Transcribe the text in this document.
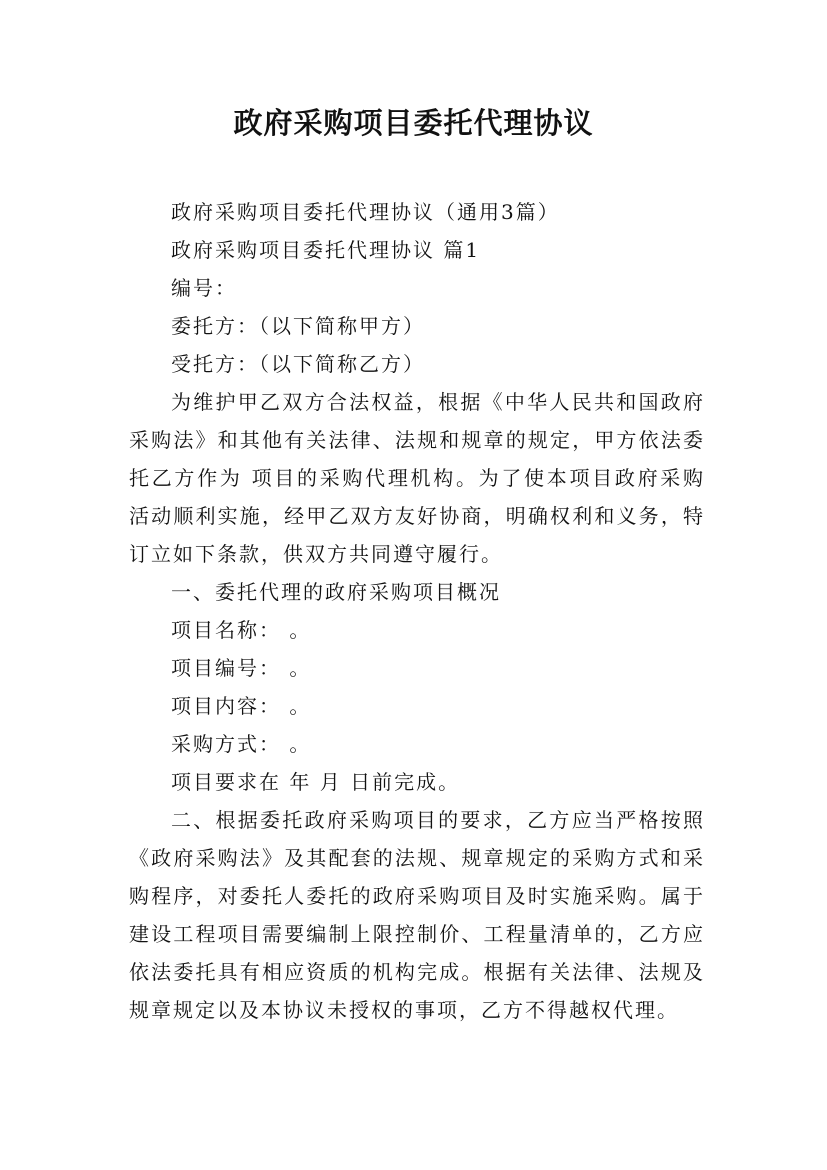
政府采购项目委托代理协议

政府采购项目委托代理协议（通用3篇）

政府采购项目委托代理协议 篇1

编号：

委托方：（以下简称甲方）

受托方：（以下简称乙方）

为维护甲乙双方合法权益，根据《中华人民共和国政府采购法》和其他有关法律、法规和规章的规定，甲方依法委托乙方作为 项目的采购代理机构。为了使本项目政府采购活动顺利实施，经甲乙双方友好协商，明确权利和义务，特订立如下条款，供双方共同遵守履行。

一、委托代理的政府采购项目概况

项目名称： 。

项目编号： 。

项目内容： 。

采购方式： 。

项目要求在 年 月 日前完成。

二、根据委托政府采购项目的要求，乙方应当严格按照《政府采购法》及其配套的法规、规章规定的采购方式和采购程序，对委托人委托的政府采购项目及时实施采购。属于建设工程项目需要编制上限控制价、工程量清单的，乙方应依法委托具有相应资质的机构完成。根据有关法律、法规及规章规定以及本协议未授权的事项，乙方不得越权代理。
